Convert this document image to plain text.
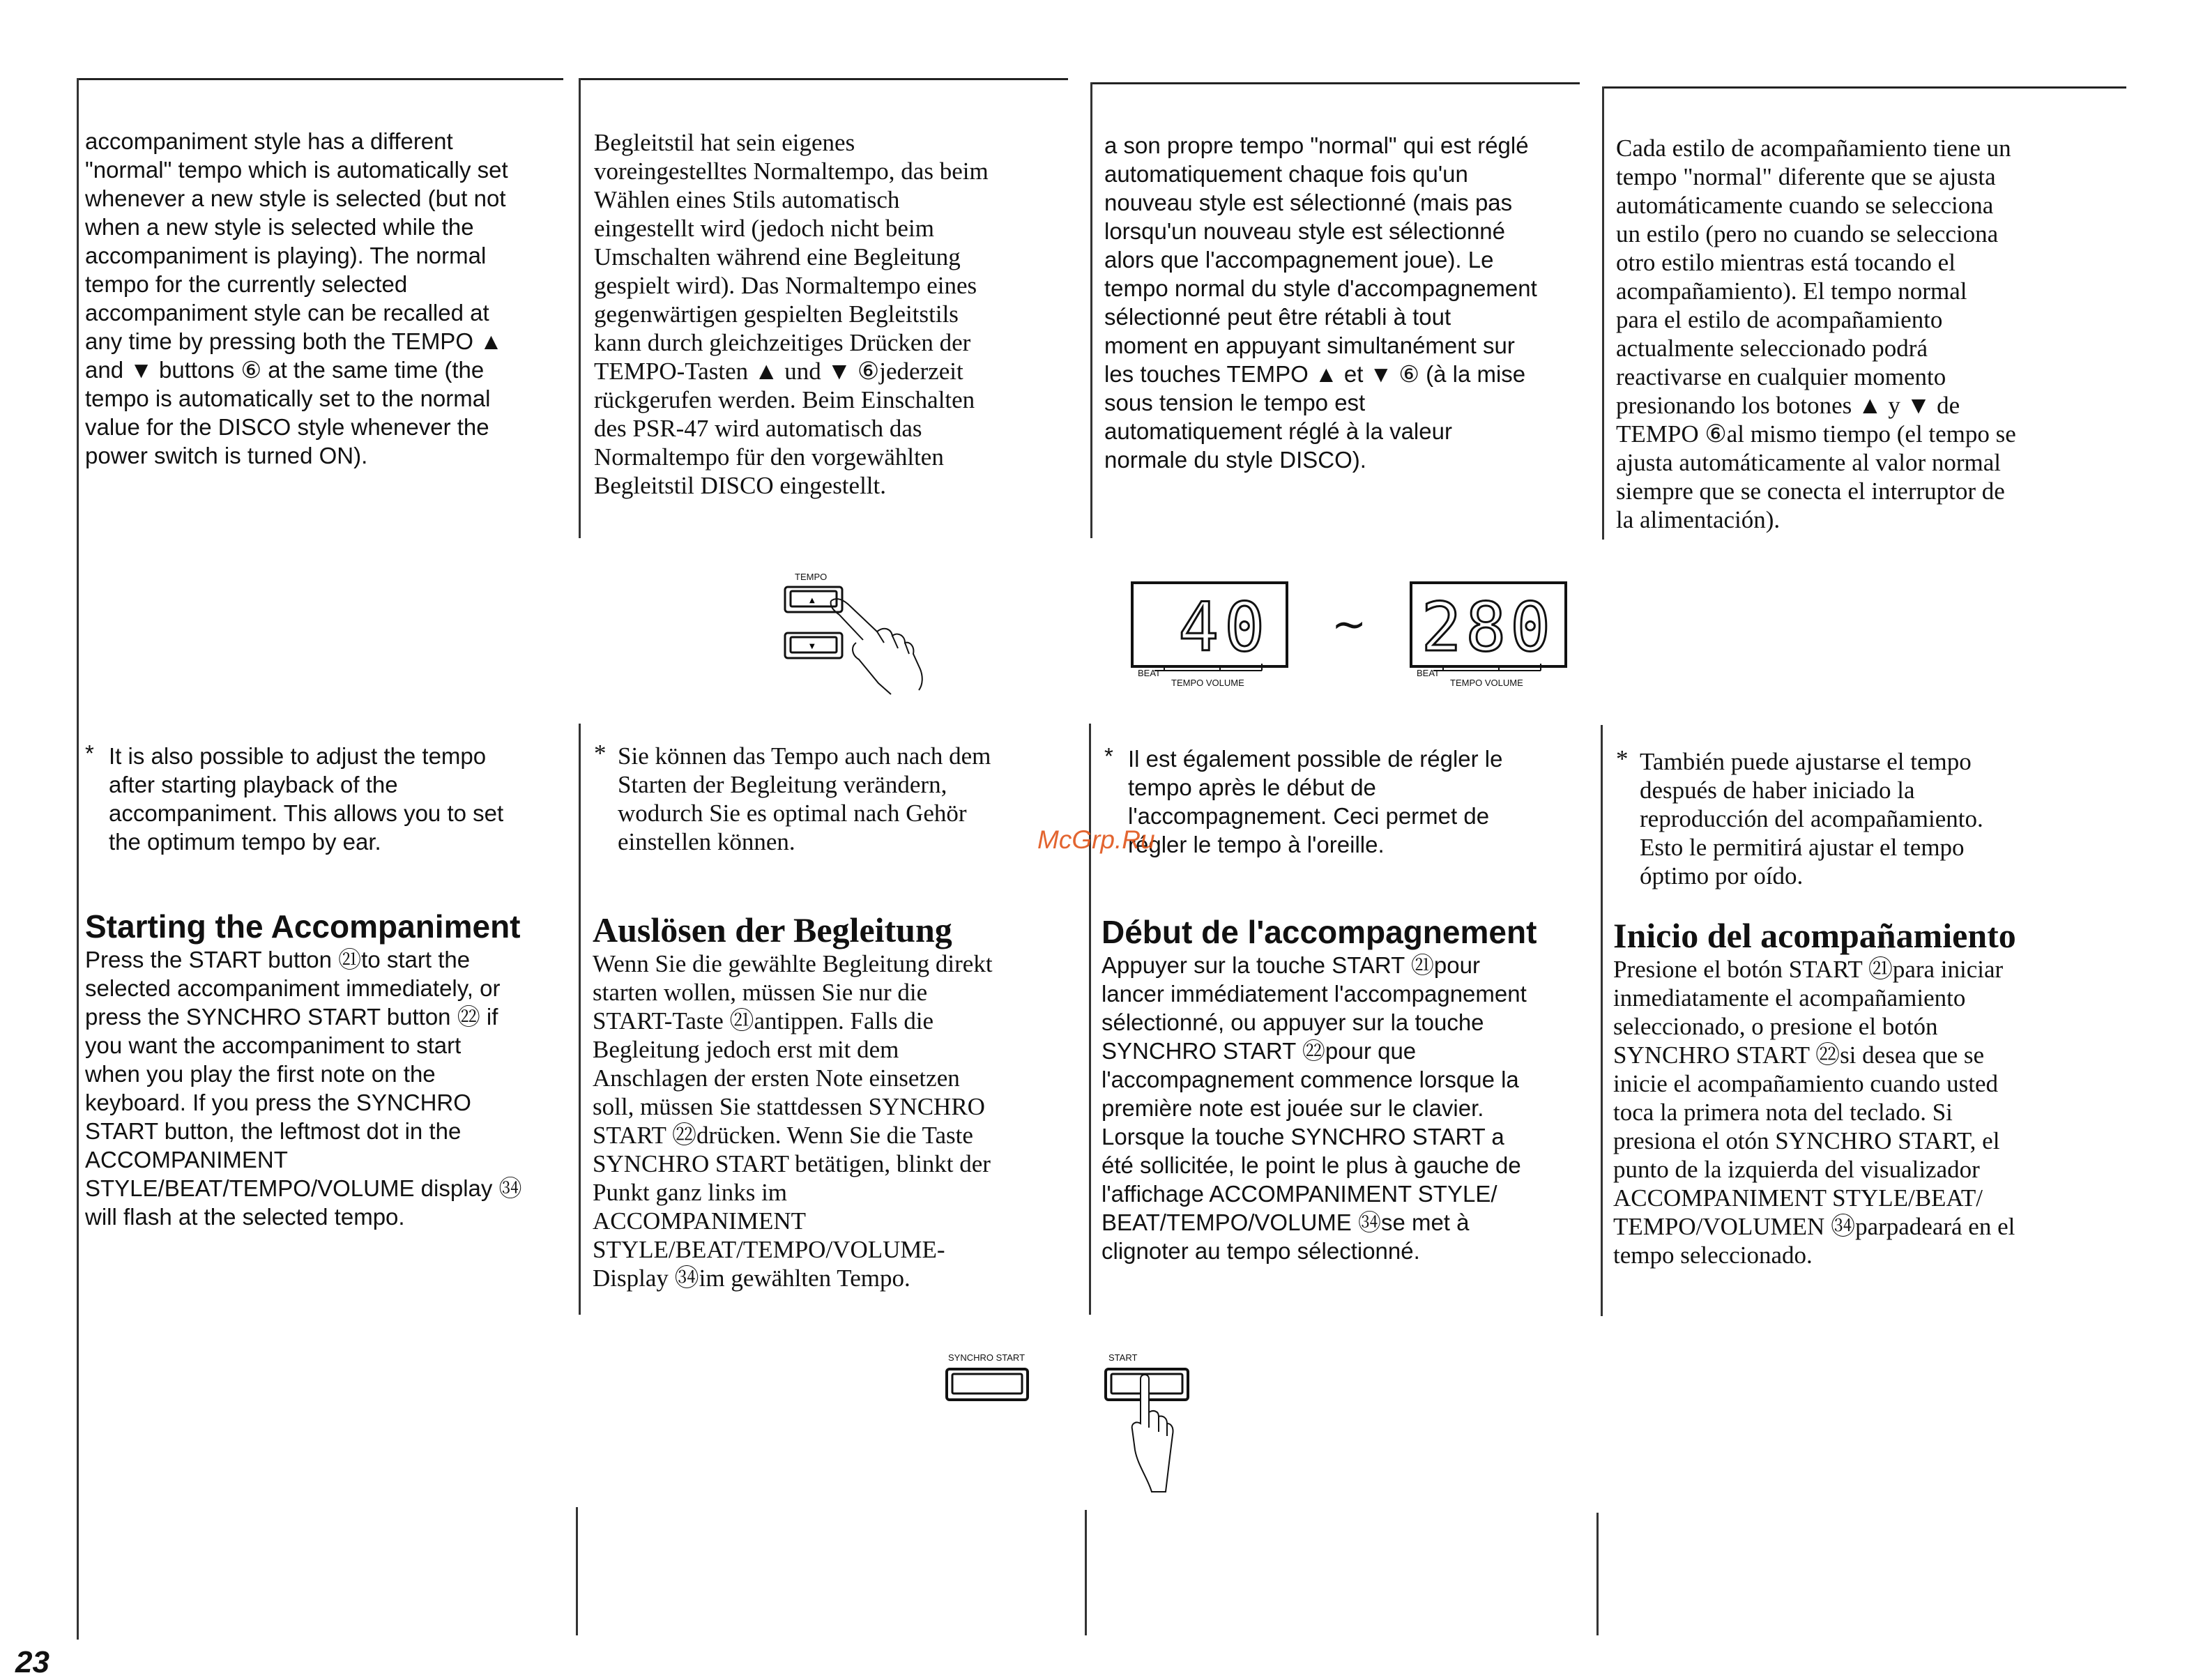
accompaniment style has a different
"normal" tempo which is automatically set
whenever a new style is selected (but not
when a new style is selected while the
accompaniment is playing). The normal
tempo for the currently selected
accompaniment style can be recalled at
any time by pressing both the TEMPO ▲
and ▼ buttons ⑥ at the same time (the
tempo is automatically set to the normal
value for the DISCO style whenever the
power switch is turned ON).

* It is also possible to adjust the tempo
after starting playback of the
accompaniment. This allows you to set
the optimum tempo by ear.

Starting the Accompaniment

Press the START button ㉑to start the
selected accompaniment immediately, or
press the SYNCHRO START button ㉒ if
you want the accompaniment to start
when you play the first note on the
keyboard. If you press the SYNCHRO
START button, the leftmost dot in the
ACCOMPANIMENT
STYLE/BEAT/TEMPO/VOLUME display ㉞
will flash at the selected tempo.

Begleitstil hat sein eigenes
voreingestelltes Normaltempo, das beim
Wählen eines Stils automatisch
eingestellt wird (jedoch nicht beim
Umschalten während eine Begleitung
gespielt wird). Das Normaltempo eines
gegenwärtigen gespielten Begleitstils
kann durch gleichzeitiges Drücken der
TEMPO-Tasten ▲ und ▼ ⑥jederzeit
rückgerufen werden. Beim Einschalten
des PSR-47 wird automatisch das
Normaltempo für den vorgewählten
Begleitstil DISCO eingestellt.

* Sie können das Tempo auch nach dem
Starten der Begleitung verändern,
wodurch Sie es optimal nach Gehör
einstellen können.

Auslösen der Begleitung

Wenn Sie die gewählte Begleitung direkt
starten wollen, müssen Sie nur die
START-Taste ㉑antippen. Falls die
Begleitung jedoch erst mit dem
Anschlagen der ersten Note einsetzen
soll, müssen Sie stattdessen SYNCHRO
START ㉒drücken. Wenn Sie die Taste
SYNCHRO START betätigen, blinkt der
Punkt ganz links im
ACCOMPANIMENT
STYLE/BEAT/TEMPO/VOLUME-
Display ㉞im gewählten Tempo.

a son propre tempo "normal" qui est réglé
automatiquement chaque fois qu'un
nouveau style est sélectionné (mais pas
lorsqu'un nouveau style est sélectionné
alors que l'accompagnement joue). Le
tempo normal du style d'accompagnement
sélectionné peut être rétabli à tout
moment en appuyant simultanément sur
les touches TEMPO ▲ et ▼ ⑥ (à la mise
sous tension le tempo est
automatiquement réglé à la valeur
normale du style DISCO).

* Il est également possible de régler le
tempo après le début de
l'accompagnement. Ceci permet de
régler le tempo à l'oreille.

Début de l'accompagnement

Appuyer sur la touche START ㉑pour
lancer immédiatement l'accompagnement
sélectionné, ou appuyer sur la touche
SYNCHRO START ㉒pour que
l'accompagnement commence lorsque la
première note est jouée sur le clavier.
Lorsque la touche SYNCHRO START a
été sollicitée, le point le plus à gauche de
l'affichage ACCOMPANIMENT STYLE/
BEAT/TEMPO/VOLUME ㉞se met à
clignoter au tempo sélectionné.

Cada estilo de acompañamiento tiene un
tempo "normal" diferente que se ajusta
automáticamente cuando se selecciona
un estilo (pero no cuando se selecciona
otro estilo mientras está tocando el
acompañamiento). El tempo normal
para el estilo de acompañamiento
actualmente seleccionado podrá
reactivarse en cualquier momento
presionando los botones ▲ y ▼ de
TEMPO ⑥al mismo tiempo (el tempo se
ajusta automáticamente al valor normal
siempre que se conecta el interruptor de
la alimentación).

* También puede ajustarse el tempo
después de haber iniciado la
reproducción del acompañamiento.
Esto le permitirá ajustar el tempo
óptimo por oído.

Inicio del acompañamiento

Presione el botón START ㉑para iniciar
inmediatamente el acompañamiento
seleccionado, o presione el botón
SYNCHRO START ㉒si desea que se
inicie el acompañamiento cuando usted
toca la primera nota del teclado. Si
presiona el otón SYNCHRO START, el
punto de la izquierda del visualizador
ACCOMPANIMENT STYLE/BEAT/
TEMPO/VOLUMEN ㉞parpadeará en el
tempo seleccionado.

TEMPO
▲
▼	40
BEAT
TEMPO VOLUME
~ 280
BEAT
TEMPO VOLUME
SYNCHRO START	START
McGrp.Ru
23
